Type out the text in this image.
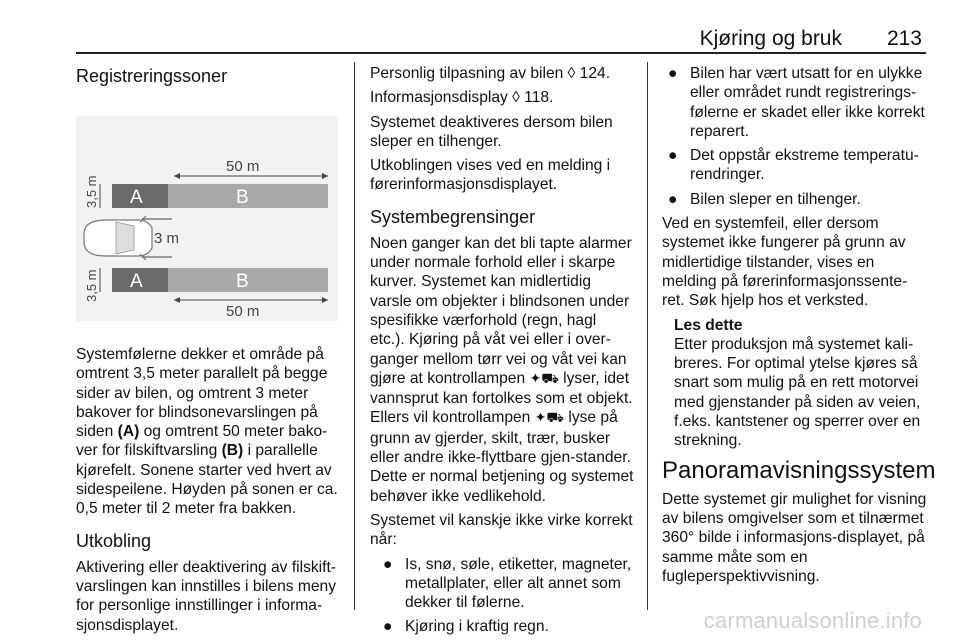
Kjøring og bruk 213
Registreringssoner
50 m
A	B
3,5 m
3 m
A	B
3,5 m
50 m

Systemfølerne dekker et område på omtrent 3,5 meter parallelt på begge sider av bilen, og omtrent 3 meter bakover for blindsonevarslingen på siden (A) og omtrent 50 meter bako-ver for filskiftvarsling (B) i parallelle kjørefelt. Sonene starter ved hvert av sidespeilene. Høyden på sonen er ca. 0,5 meter til 2 meter fra bakken.

Utkobling

Aktivering eller deaktivering av filskift-varslingen kan innstilles i bilens meny for personlige innstillinger i informa-sjonsdisplayet.

Personlig tilpasning av bilen ◊ 124.

Informasjonsdisplay ◊ 118.

Systemet deaktiveres dersom bilen sleper en tilhenger.

Utkoblingen vises ved en melding i førerinformasjonsdisplayet.

Systembegrensinger

Noen ganger kan det bli tapte alarmer under normale forhold eller i skarpe kurver. Systemet kan midlertidig varsle om objekter i blindsonen under spesifikke værforhold (regn, hagl etc.). Kjøring på våt vei eller i over-ganger mellom tørr vei og våt vei kan gjøre at kontrollampen ✦⛟ lyser, idet vannsprut kan fortolkes som et objekt. Ellers vil kontrollampen ✦⛟ lyse på grunn av gjerder, skilt, trær, busker eller andre ikke-flyttbare gjen-stander. Dette er normal betjening og systemet behøver ikke vedlikehold.

Systemet vil kanskje ikke virke korrekt når:

● Is, snø, søle, etiketter, magneter, metallplater, eller alt annet som dekker til følerne.
● Kjøring i kraftig regn.
● Bilen har vært utsatt for en ulykke eller området rundt registrerings-følerne er skadet eller ikke korrekt reparert.
● Det oppstår ekstreme temperatu-rendringer.
● Bilen sleper en tilhenger.

Ved en systemfeil, eller dersom systemet ikke fungerer på grunn av midlertidige tilstander, vises en melding på førerinformasjonssente-ret. Søk hjelp hos et verksted.

Les dette

Etter produksjon må systemet kali-breres. For optimal ytelse kjøres så snart som mulig på en rett motorvei med gjenstander på siden av veien, f.eks. kantstener og sperrer over en strekning.

Panoramavisningssystem

Dette systemet gir mulighet for visning av bilens omgivelser som et tilnærmet 360° bilde i informasjons-displayet, på samme måte som en fugleperspektivvisning.

carmanualsonline.info
